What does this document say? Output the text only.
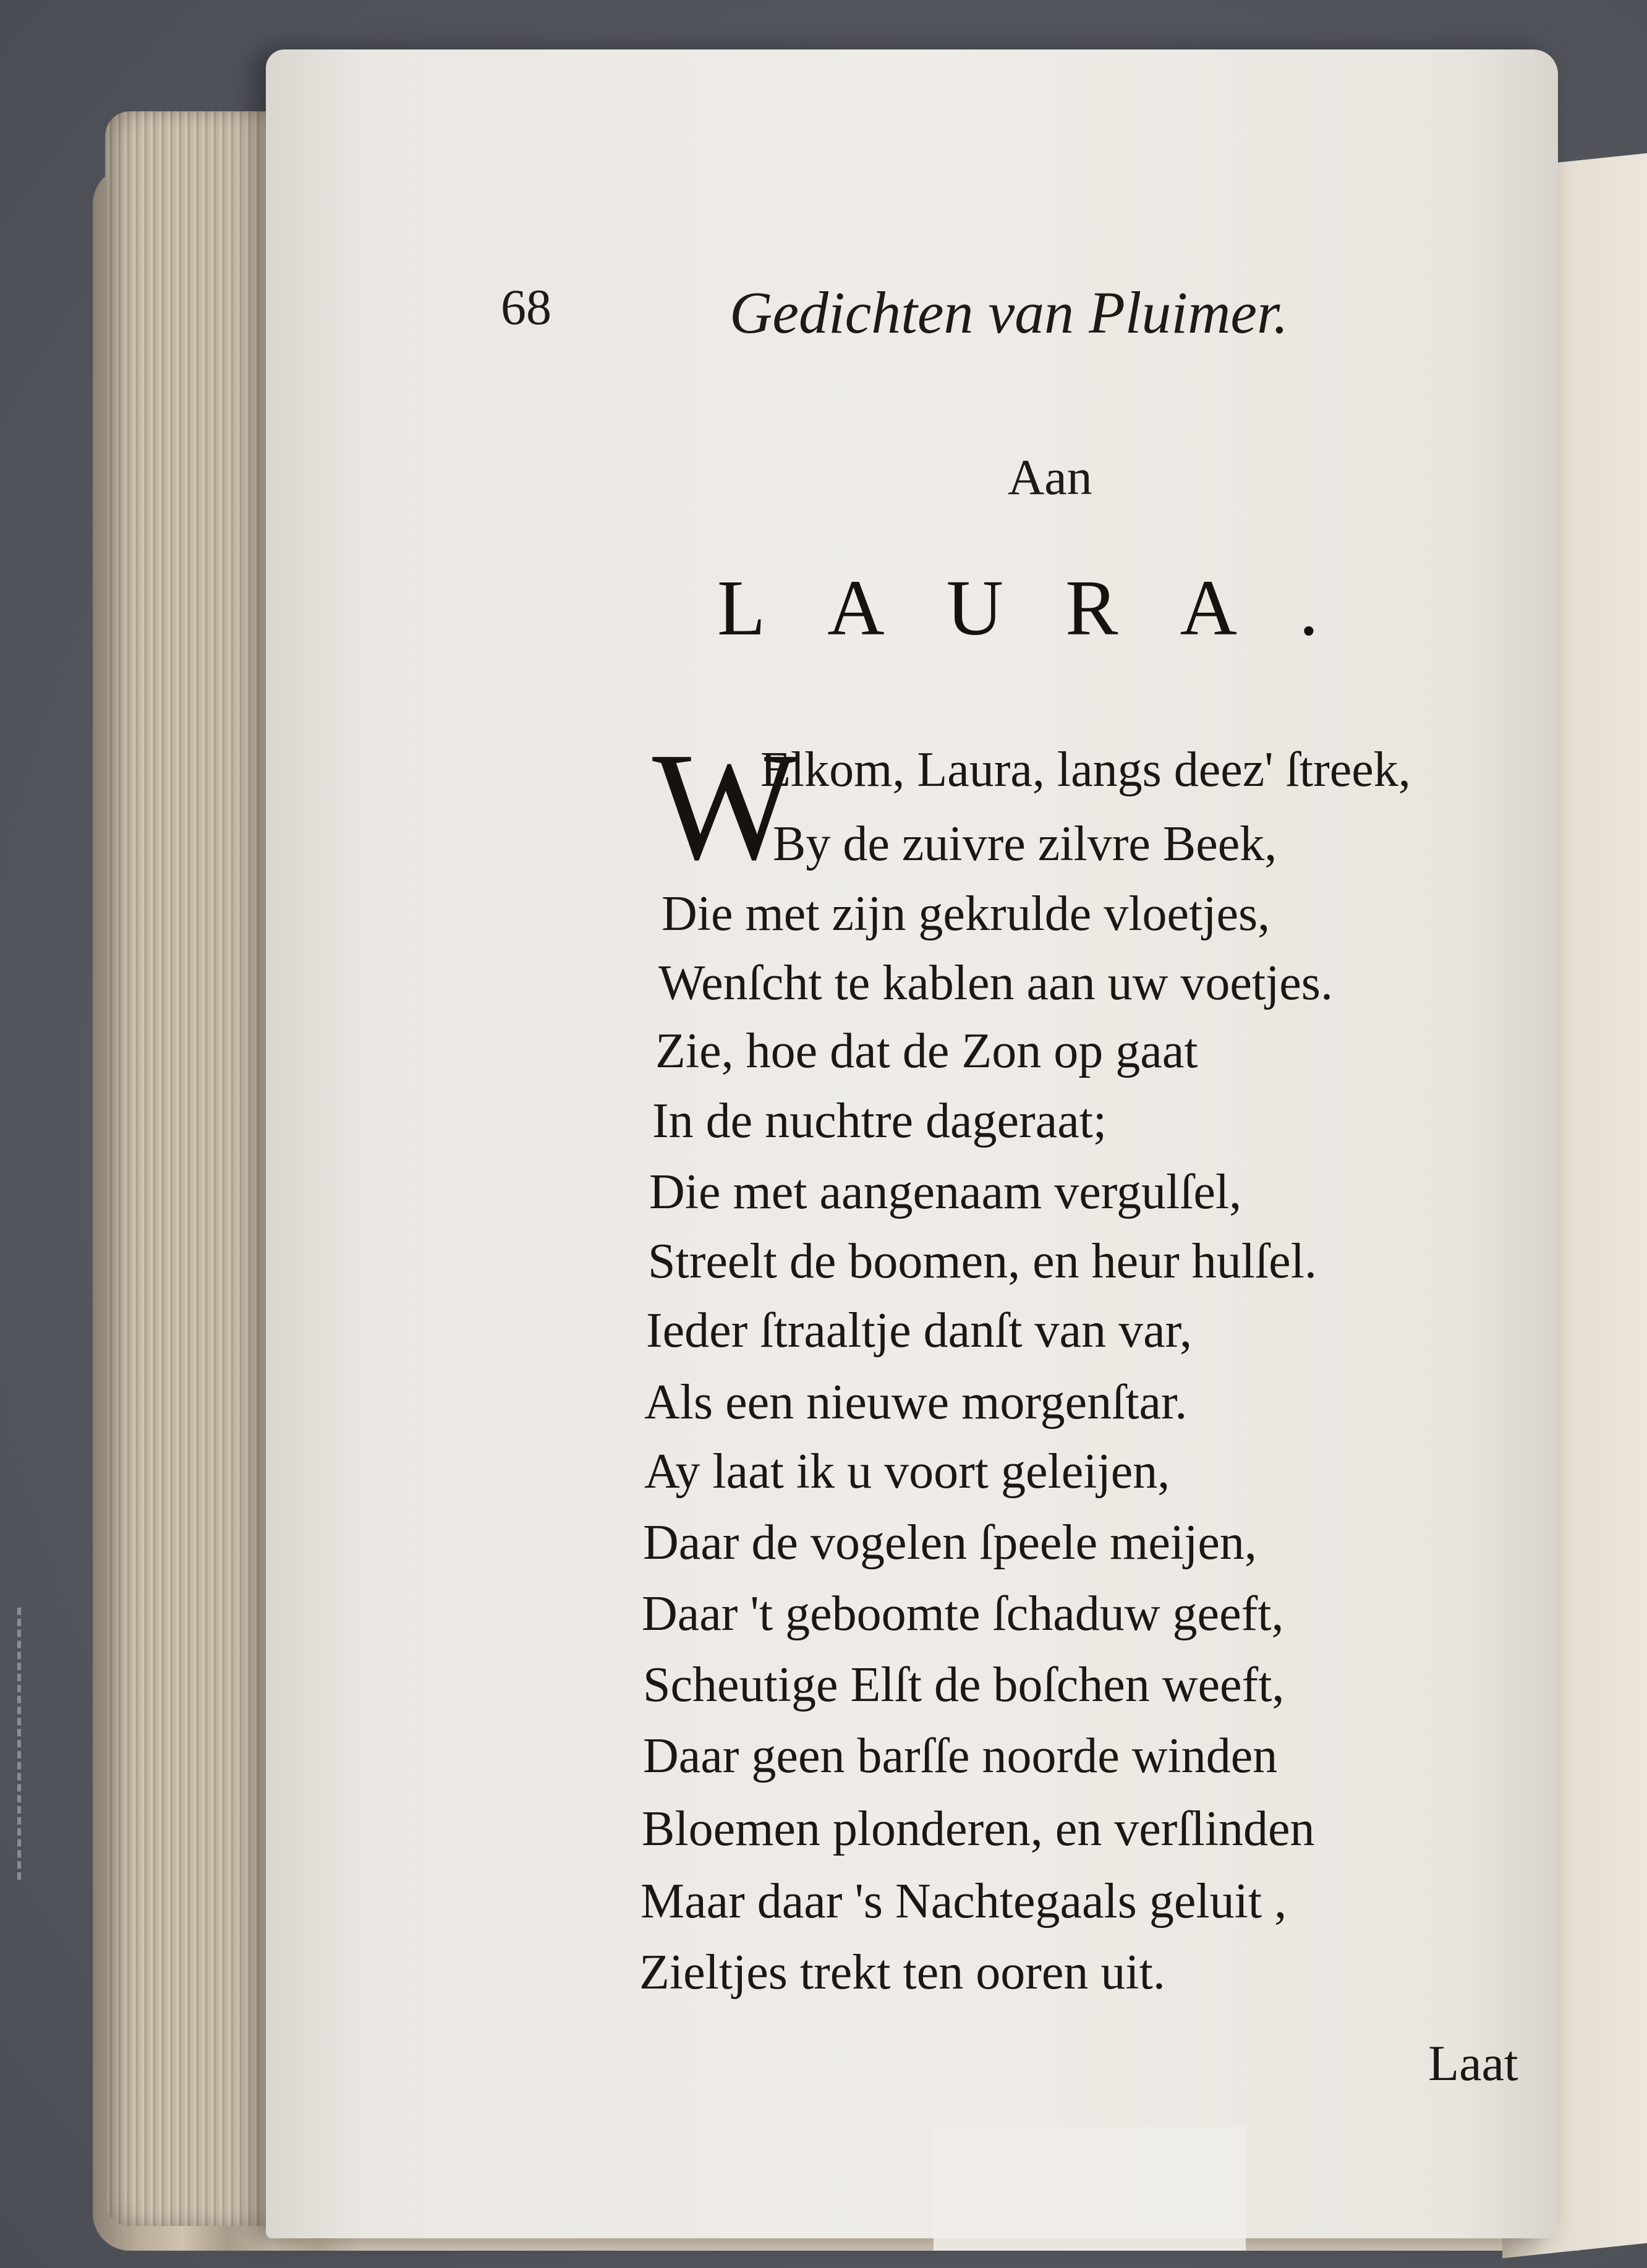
68	Gedichten van Pluimer.
Aan
LAURA.
W
Elkom, Laura, langs deez' ſtreek,
By de zuivre zilvre Beek,
Die met zijn gekrulde vloetjes,
Wenſcht te kablen aan uw voetjes.
Zie, hoe dat de Zon op gaat
In de nuchtre dageraat;
Die met aangenaam vergulſel,
Streelt de boomen, en heur hulſel.
Ieder ſtraaltje danſt van var,
Als een nieuwe morgenſtar.
Ay laat ik u voort geleijen,
Daar de vogelen ſpeele meijen,
Daar 't geboomte ſchaduw geeft,
Scheutige Elſt de boſchen weeft,
Daar geen barſſe noorde winden
Bloemen plonderen, en verſlinden
Maar daar 's Nachtegaals geluit ,
Zieltjes trekt ten ooren uit.
Laat
